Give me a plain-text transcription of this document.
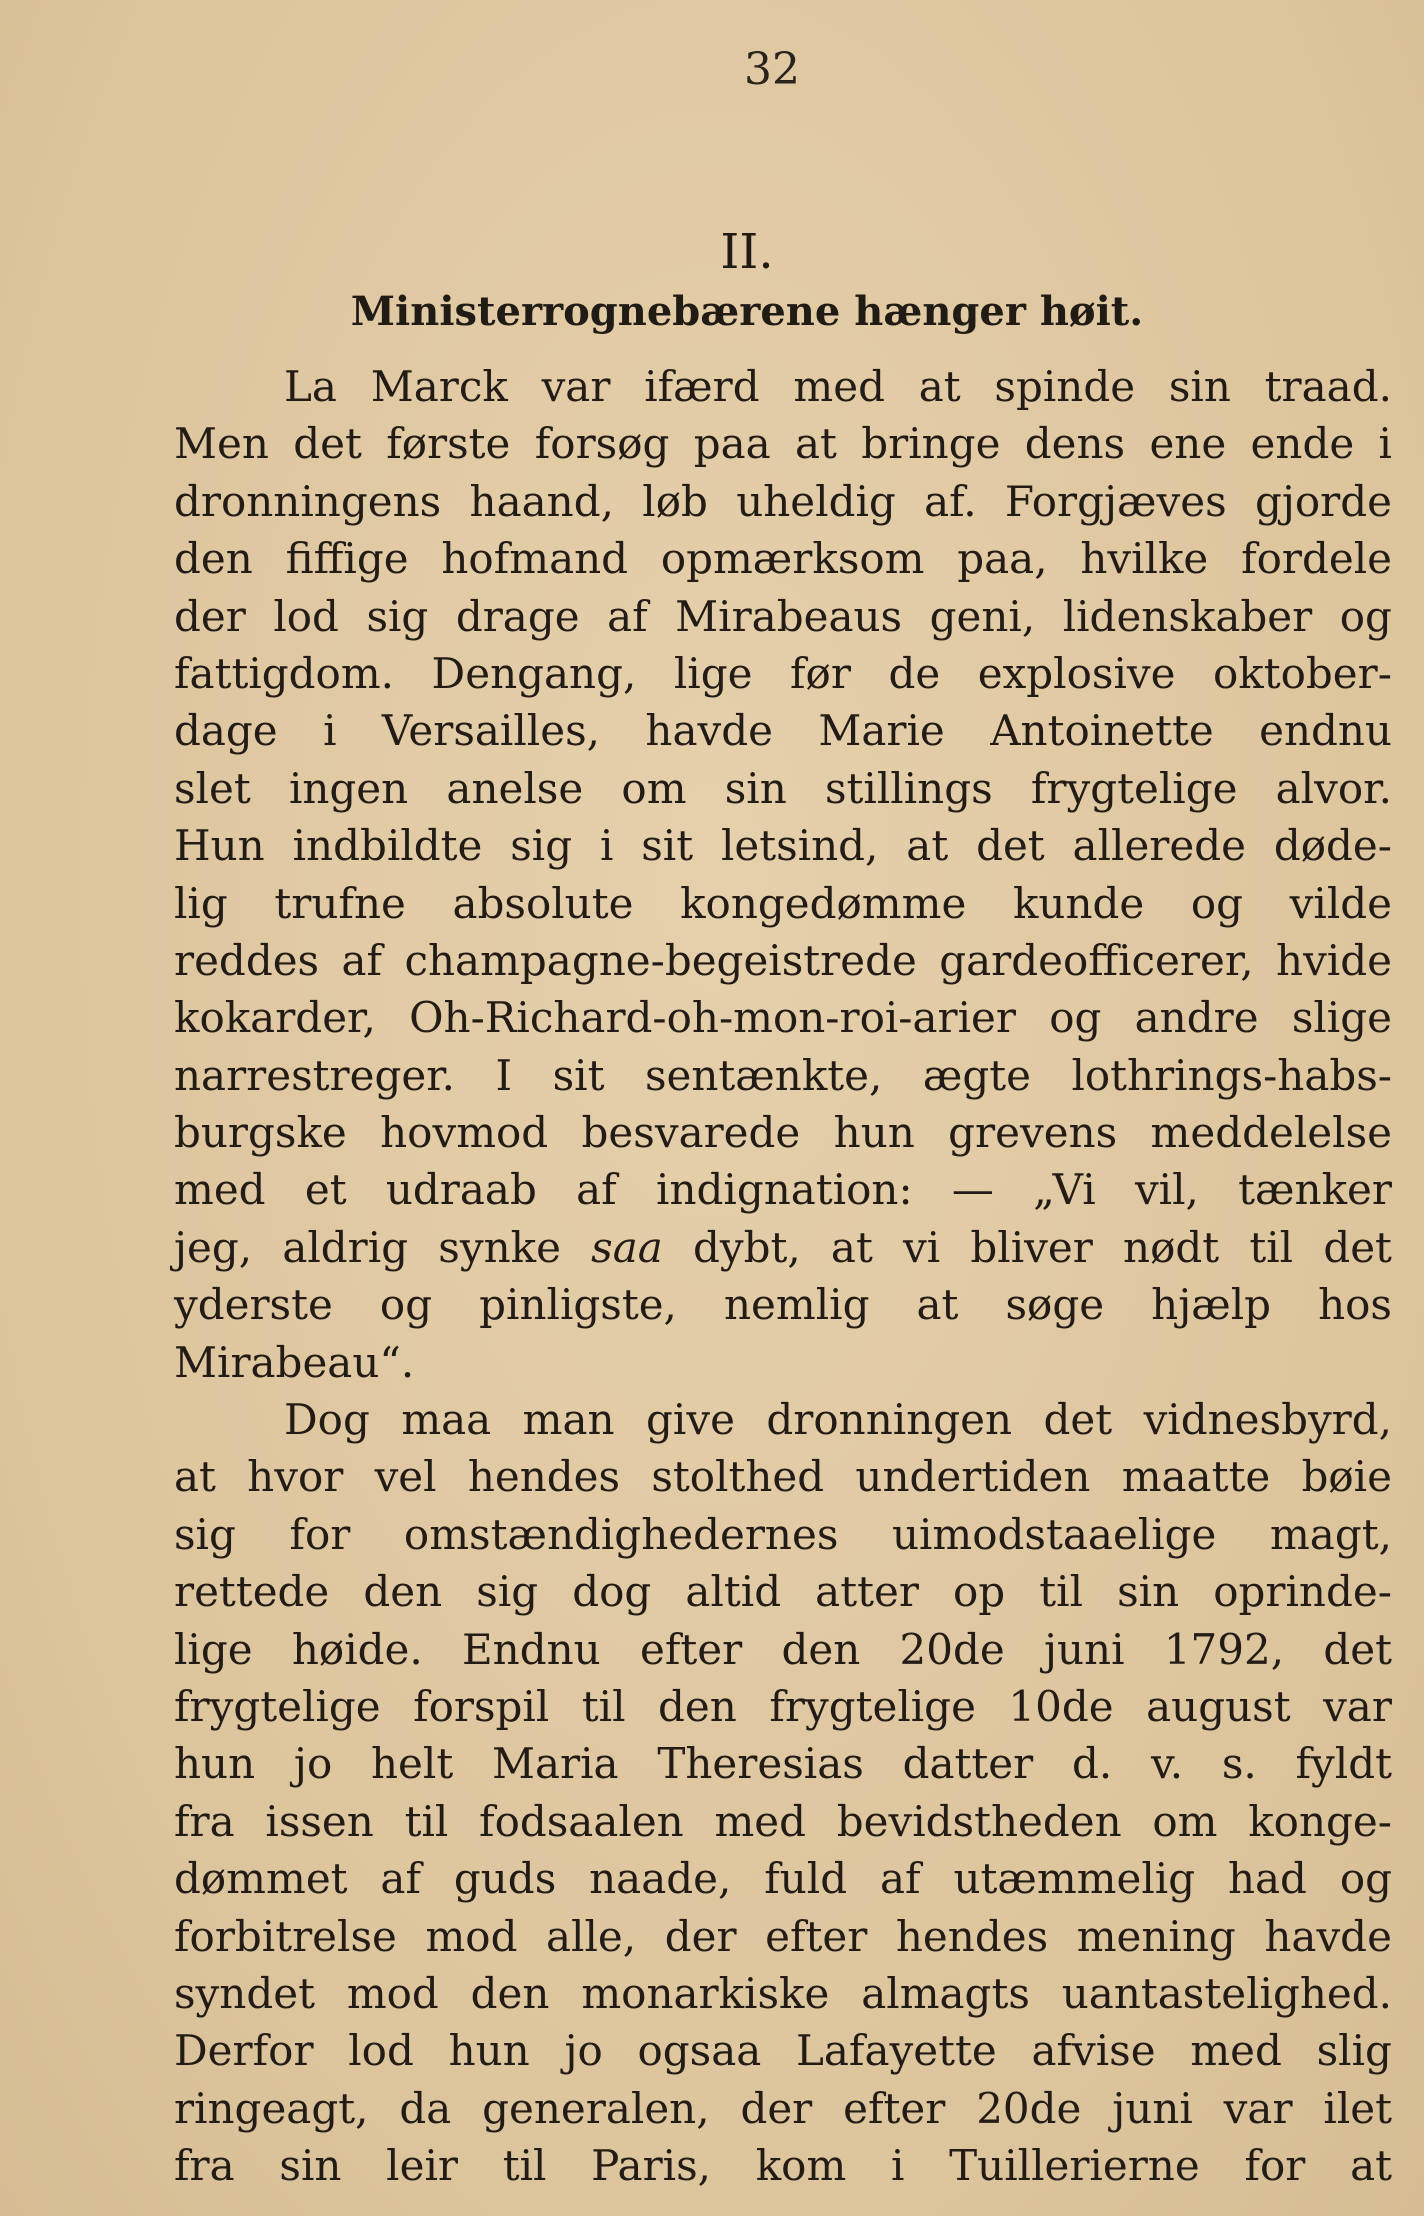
32
II.
Ministerrognebærene hænger høit.
La Marck var ifærd med at spinde sin traad.
Men det første forsøg paa at bringe dens ene ende i
dronningens haand, løb uheldig af. Forgjæves gjorde
den fiffige hofmand opmærksom paa, hvilke fordele
der lod sig drage af Mirabeaus geni, lidenskaber og
fattigdom. Dengang, lige før de explosive oktober-
dage i Versailles, havde Marie Antoinette endnu
slet ingen anelse om sin stillings frygtelige alvor.
Hun indbildte sig i sit letsind, at det allerede døde-
lig trufne absolute kongedømme kunde og vilde
reddes af champagne-begeistrede gardeofficerer, hvide
kokarder, Oh-Richard-oh-mon-roi-arier og andre slige
narrestreger. I sit sentænkte, ægte lothrings-habs-
burgske hovmod besvarede hun grevens meddelelse
med et udraab af indignation: — „Vi vil, tænker
jeg, aldrig synke saa dybt, at vi bliver nødt til det
yderste og pinligste, nemlig at søge hjælp hos
Mirabeau“.
Dog maa man give dronningen det vidnesbyrd,
at hvor vel hendes stolthed undertiden maatte bøie
sig for omstændighedernes uimodstaaelige magt,
rettede den sig dog altid atter op til sin oprinde-
lige høide. Endnu efter den 20de juni 1792, det
frygtelige forspil til den frygtelige 10de august var
hun jo helt Maria Theresias datter d. v. s. fyldt
fra issen til fodsaalen med bevidstheden om konge-
dømmet af guds naade, fuld af utæmmelig had og
forbitrelse mod alle, der efter hendes mening havde
syndet mod den monarkiske almagts uantastelighed.
Derfor lod hun jo ogsaa Lafayette afvise med slig
ringeagt, da generalen, der efter 20de juni var ilet
fra sin leir til Paris, kom i Tuillerierne for at
